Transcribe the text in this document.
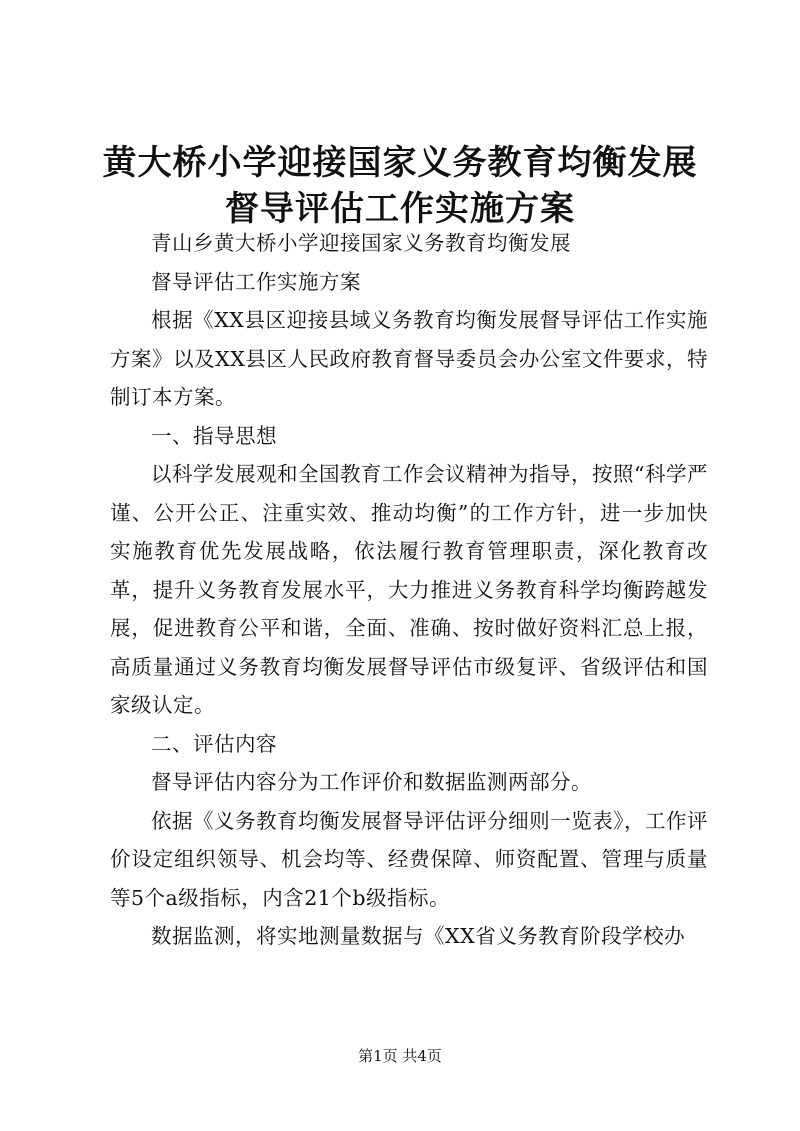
黄大桥小学迎接国家义务教育均衡发展督导评估工作实施方案

青山乡黄大桥小学迎接国家义务教育均衡发展

督导评估工作实施方案

根据《XX县区迎接县域义务教育均衡发展督导评估工作实施方案》以及XX县区人民政府教育督导委员会办公室文件要求，特制订本方案。

一、指导思想

以科学发展观和全国教育工作会议精神为指导，按照“科学严谨、公开公正、注重实效、推动均衡”的工作方针，进一步加快实施教育优先发展战略，依法履行教育管理职责，深化教育改革，提升义务教育发展水平，大力推进义务教育科学均衡跨越发展，促进教育公平和谐，全面、准确、按时做好资料汇总上报，高质量通过义务教育均衡发展督导评估市级复评、省级评估和国家级认定。

二、评估内容

督导评估内容分为工作评价和数据监测两部分。

依据《义务教育均衡发展督导评估评分细则一览表》，工作评价设定组织领导、机会均等、经费保障、师资配置、管理与质量等5个a级指标，内含21个b级指标。

数据监测，将实地测量数据与《XX省义务教育阶段学校办

第1页 共4页
